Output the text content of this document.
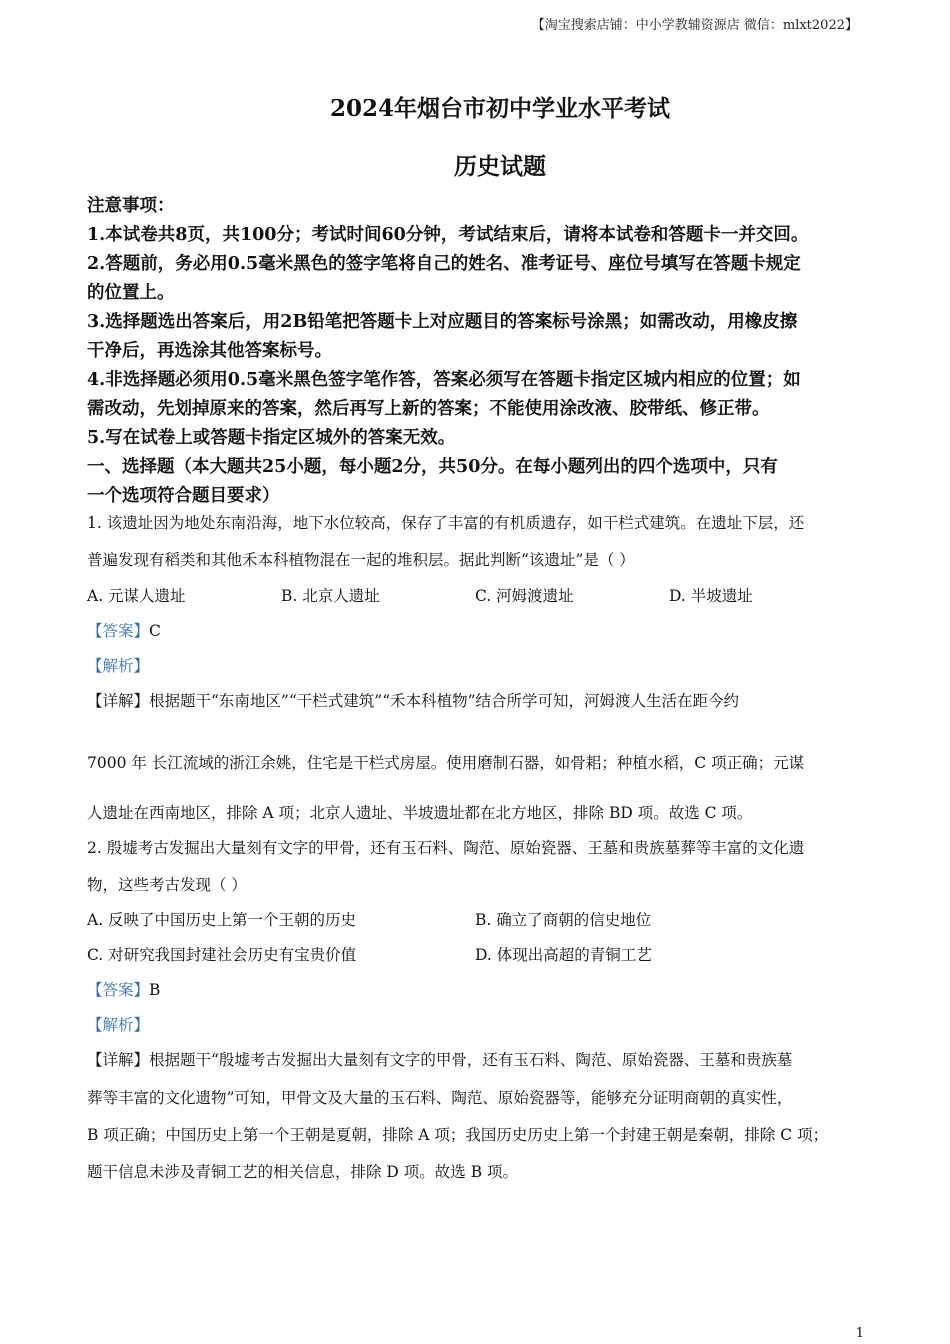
【淘宝搜索店铺：中小学教辅资源店 微信：mlxt2022】
2024年烟台市初中学业水平考试
历史试题
注意事项：
1.本试卷共8页，共100分；考试时间60分钟，考试结束后，请将本试卷和答题卡一并交回。
2.答题前，务必用0.5毫米黑色的签字笔将自己的姓名、准考证号、座位号填写在答题卡规定
的位置上。
3.选择题选出答案后，用2B铅笔把答题卡上对应题目的答案标号涂黑；如需改动，用橡皮擦
干净后，再选涂其他答案标号。
4.非选择题必须用0.5毫米黑色签字笔作答，答案必须写在答题卡指定区城内相应的位置；如
需改动，先划掉原来的答案，然后再写上新的答案；不能使用涂改液、胶带纸、修正带。
5.写在试卷上或答题卡指定区城外的答案无效。
一、选择题（本大题共25小题，每小题2分，共50分。在每小题列出的四个选项中，只有
一个选项符合题目要求）
1. 该遗址因为地处东南沿海，地下水位较高，保存了丰富的有机质遗存，如干栏式建筑。在遗址下层，还
普遍发现有稻类和其他禾本科植物混在一起的堆积层。据此判断“该遗址”是（ ）
A. 元谋人遗址	B. 北京人遗址	C. 河姆渡遗址	D. 半坡遗址
【答案】C
【解析】
【详解】根据题干“东南地区”“干栏式建筑”“禾本科植物”结合所学可知，河姆渡人生活在距今约
7000 年 长江流域的浙江余姚，住宅是干栏式房屋。使用磨制石器，如骨耜；种植水稻，C 项正确；元谋
人遗址在西南地区，排除 A 项；北京人遗址、半坡遗址都在北方地区，排除 BD 项。故选 C 项。
2. 殷墟考古发掘出大量刻有文字的甲骨，还有玉石料、陶范、原始瓷器、王墓和贵族墓葬等丰富的文化遗
物，这些考古发现（ ）
A. 反映了中国历史上第一个王朝的历史	B. 确立了商朝的信史地位
C. 对研究我国封建社会历史有宝贵价值	D. 体现出高超的青铜工艺
【答案】B
【解析】
【详解】根据题干“殷墟考古发掘出大量刻有文字的甲骨，还有玉石料、陶范、原始瓷器、王墓和贵族墓
葬等丰富的文化遗物”可知，甲骨文及大量的玉石料、陶范、原始瓷器等，能够充分证明商朝的真实性，
B 项正确；中国历史上第一个王朝是夏朝，排除 A 项；我国历史历史上第一个封建王朝是秦朝，排除 C 项；
题干信息未涉及青铜工艺的相关信息，排除 D 项。故选 B 项。
1
